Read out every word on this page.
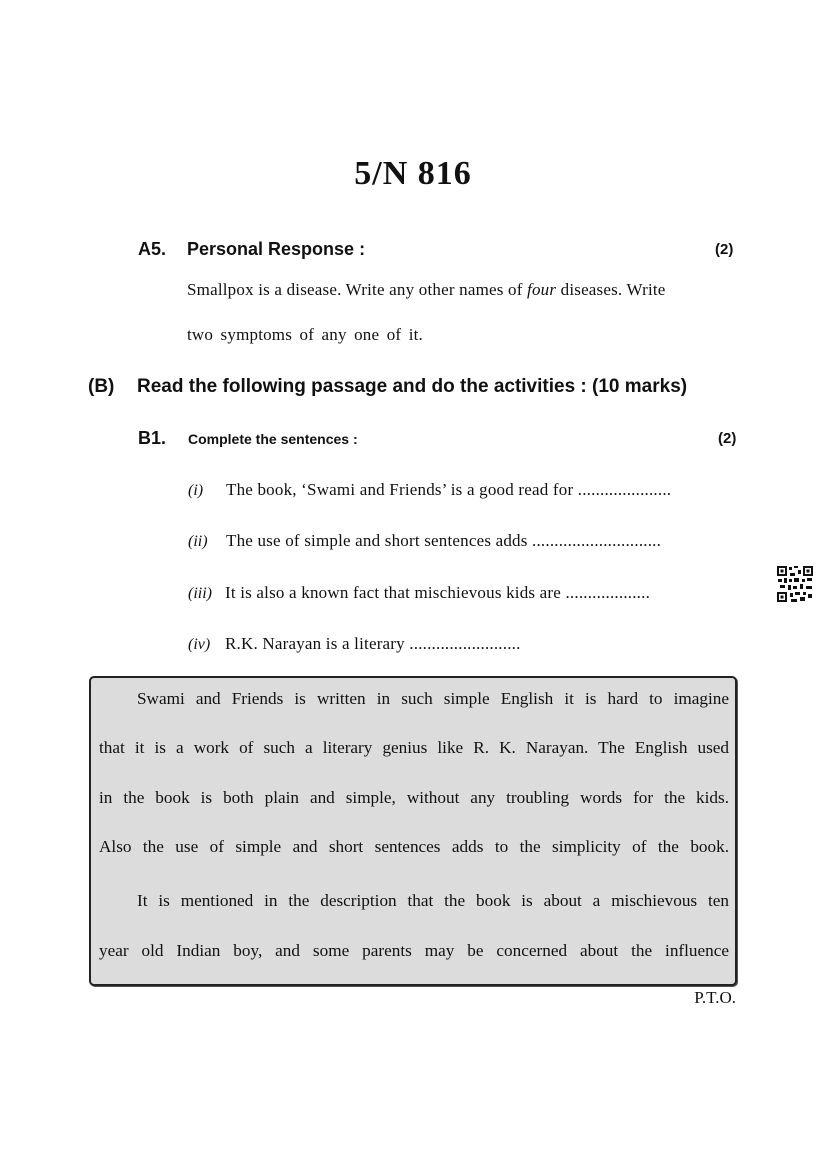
5/N 816
A5. Personal Response :	(2)
Smallpox is a disease. Write any other names of four diseases. Write
two symptoms of any one of it.
(B) Read the following passage and do the activities : (10 marks)
B1. Complete the sentences :	(2)
(i) The book, ‘Swami and Friends’ is a good read for .....................
(ii) The use of simple and short sentences adds .............................
(iii) It is also a known fact that mischievous kids are ...................
(iv) R.K. Narayan is a literary .........................
Swami and Friends is written in such simple English it is hard to imagine
that it is a work of such a literary genius like R. K. Narayan. The English used
in the book is both plain and simple, without any troubling words for the kids.
Also the use of simple and short sentences adds to the simplicity of the book.
It is mentioned in the description that the book is about a mischievous ten
year old Indian boy, and some parents may be concerned about the influence
P.T.O.
